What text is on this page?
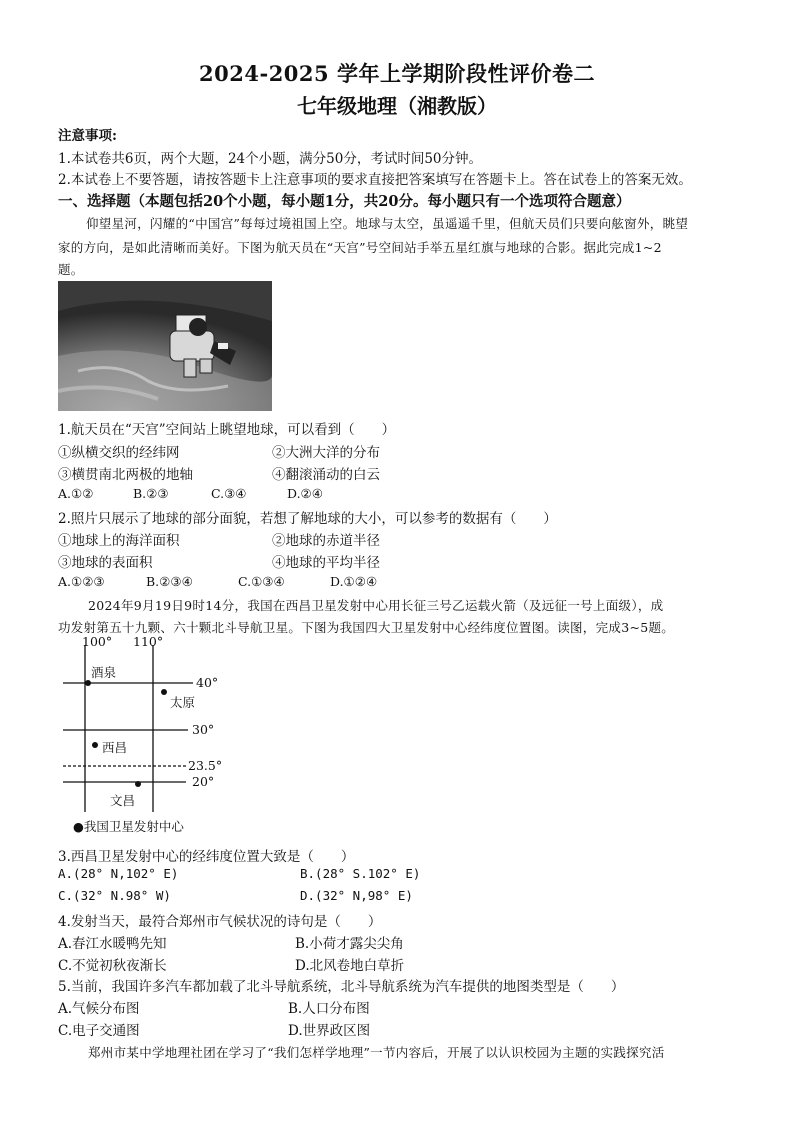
2024-2025 学年上学期阶段性评价卷二
七年级地理（湘教版）
注意事项:
1.本试卷共6页，两个大题，24个小题，满分50分，考试时间50分钟。
2.本试卷上不要答题，请按答题卡上注意事项的要求直接把答案填写在答题卡上。答在试卷上的答案无效。
一、选择题（本题包括20个小题，每小题1分，共20分。每小题只有一个选项符合题意）
仰望星河，闪耀的“中国宫”每每过境祖国上空。地球与太空，虽遥遥千里，但航天员们只要向舷窗外，眺望
家的方向，是如此清晰而美好。下图为航天员在“天宫”号空间站手举五星红旗与地球的合影。据此完成1~2
题。
1.航天员在“天宫”空间站上眺望地球，可以看到（　　）
①纵横交织的经纬网	②大洲大洋的分布
③横贯南北两极的地轴	④翻滚涌动的白云
A.①②	B.②③	C.③④	D.②④
2.照片只展示了地球的部分面貌，若想了解地球的大小，可以参考的数据有（　　）
①地球上的海洋面积	②地球的赤道半径
③地球的表面积	④地球的平均半径
A.①②③	B.②③④	C.①③④	D.①②④
2024年9月19日9时14分，我国在西昌卫星发射中心用长征三号乙运载火箭（及远征一号上面级），成
功发射第五十九颗、六十颗北斗导航卫星。下图为我国四大卫星发射中心经纬度位置图。读图，完成3~5题。
100° 110°
40°
30°
23.5°
20°
酒泉
太原
西昌
文昌
●我国卫星发射中心
3.西昌卫星发射中心的经纬度位置大致是（　　）
A.(28° N,102° E)	B.(28° S.102° E)
C.(32° N.98° W)	D.(32° N,98° E)
4.发射当天，最符合郑州市气候状况的诗句是（　　）
A.春江水暖鸭先知	B.小荷才露尖尖角
C.不觉初秋夜渐长	D.北风卷地白草折
5.当前，我国许多汽车都加载了北斗导航系统，北斗导航系统为汽车提供的地图类型是（　　）
A.气候分布图	B.人口分布图
C.电子交通图	D.世界政区图
郑州市某中学地理社团在学习了“我们怎样学地理”一节内容后，开展了以认识校园为主题的实践探究活
